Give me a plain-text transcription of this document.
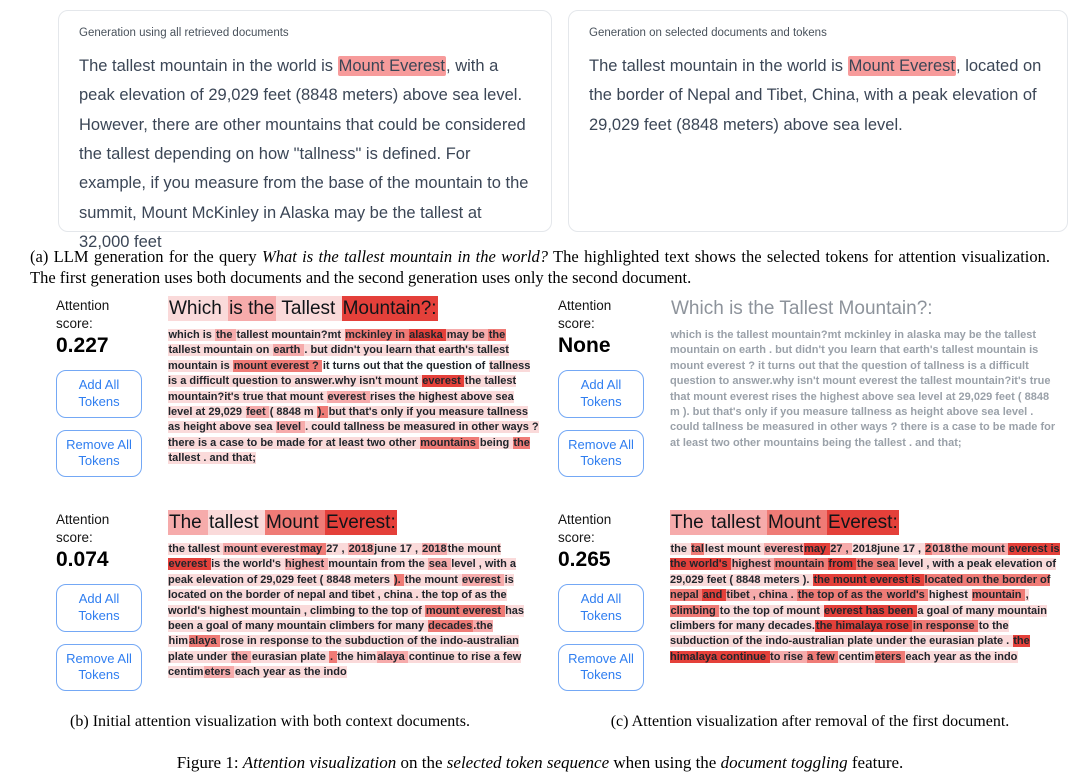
Generation using all retrieved documents
The tallest mountain in the world is Mount Everest, with a peak elevation of 29,029 feet (8848 meters) above sea level. However, there are other mountains that could be considered the tallest depending on how "tallness" is defined. For example, if you measure from the base of the mountain to the summit, Mount McKinley in Alaska may be the tallest at 32,000 feet
Generation on selected documents and tokens
The tallest mountain in the world is Mount Everest, located on the border of Nepal and Tibet, China, with a peak elevation of 29,029 feet (8848 meters) above sea level.
(a) LLM generation for the query What is the tallest mountain in the world? The highlighted text shows the selected tokens for attention visualization. The first generation uses both documents and the second generation uses only the second document.
Attention score:
0.227
Add All Tokens
Remove All Tokens
Which is the Tallest Mountain?:
which is the tallest mountain?mt mckinley in alaska may be the tallest mountain on earth . but didn't you learn that earth's tallest mountain is mount everest ? it turns out that the question of tallness is a difficult question to answer.why isn't mount everest the tallest mountain?it's true that mount everest rises the highest above sea level at 29,029 feet ( 8848 m ). but that's only if you measure tallness as height above sea level . could tallness be measured in other ways ? there is a case to be made for at least two other mountains being the tallest . and that;
Attention score:
0.074
Add All Tokens
Remove All Tokens
The tallest Mount Everest:
the tallest mount everestmay 27 , 2018june 17 , 2018the mount everest is the world's highest mountain from the sea level , with a peak elevation of 29,029 feet ( 8848 meters ). the mount everest is located on the border of nepal and tibet , china . the top of as the world's highest mountain , climbing to the top of mount everest has been a goal of many mountain climbers for many decades.the himalaya rose in response to the subduction of the indo-australian plate under the eurasian plate . the himalaya continue to rise a few centimeters each year as the indo
Attention score:
None
Add All Tokens
Remove All Tokens
Which is the Tallest Mountain?:
which is the tallest mountain?mt mckinley in alaska may be the tallest mountain on earth . but didn't you learn that earth's tallest mountain is mount everest ? it turns out that the question of tallness is a difficult question to answer.why isn't mount everest the tallest mountain?it's true that mount everest rises the highest above sea level at 29,029 feet ( 8848 m ). but that's only if you measure tallness as height above sea level . could tallness be measured in other ways ? there is a case to be made for at least two other mountains being the tallest . and that;
Attention score:
0.265
Add All Tokens
Remove All Tokens
The tallest Mount Everest:
the tallest mount everestmay 27 , 2018june 17 , 2018the mount everest is the world's highest mountain from the sea level , with a peak elevation of 29,029 feet ( 8848 meters ). the mount everest is located on the border of nepal and tibet , china . the top of as the world's highest mountain , climbing to the top of mount everest has been a goal of many mountain climbers for many decades.the himalaya rose in response to the subduction of the indo-australian plate under the eurasian plate . the himalaya continue to rise a few centimeters each year as the indo
(b) Initial attention visualization with both context documents.	(c) Attention visualization after removal of the first document.
Figure 1: Attention visualization on the selected token sequence when using the document toggling feature.
